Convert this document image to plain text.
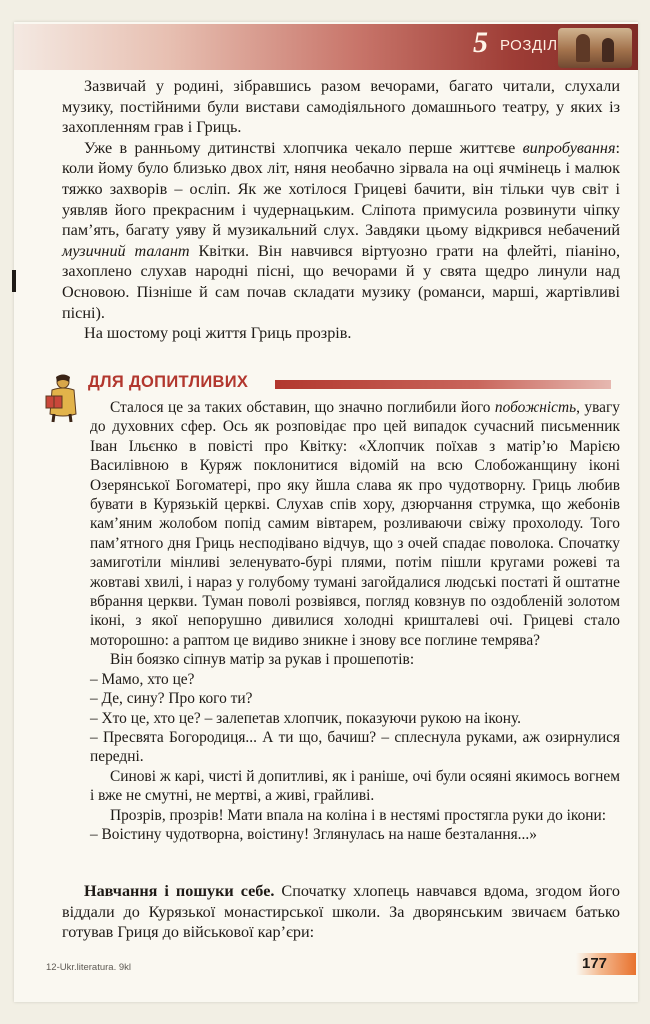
5 РОЗДІЛ

Зазвичай у родині, зібравшись разом вечорами, багато читали, слухали музику, постійними були вистави самодіяльного домашнього театру, у яких із захопленням грав і Гриць.

Уже в ранньому дитинстві хлопчика чекало перше життєве випробування: коли йому було близько двох літ, няня необачно зірвала на оці ячмінець і малюк тяжко захворів – осліп. Як же хотілося Грицеві бачити, він тільки чув світ і уявляв його прекрасним і чудернацьким. Сліпота примусила розвинути чіпку пам’ять, багату уяву й музикальний слух. Завдяки цьому відкрився небачений музичний талант Квітки. Він навчився віртуозно грати на флейті, піаніно, захоплено слухав народні пісні, що вечорами й у свята щедро линули над Основою. Пізніше й сам почав складати музику (романси, марші, жартівливі пісні).

На шостому році життя Гриць прозрів.

ДЛЯ ДОПИТЛИВИХ

Сталося це за таких обставин, що значно поглибили його побожність, увагу до духовних сфер. Ось як розповідає про цей випадок сучасний письменник Іван Ільєнко в повісті про Квітку: «Хлопчик поїхав з матір’ю Марією Василівною в Куряж поклонитися відомій на всю Слобожанщину іконі Озерянської Богоматері, про яку йшла слава як про чудотворну. Гриць любив бувати в Курязькій церкві. Слухав спів хору, дзюрчання струмка, що жебонів кам’яним жолобом попід самим вівтарем, розливаючи свіжу прохолоду. Того пам’ятного дня Гриць несподівано відчув, що з очей спадає поволока. Спочатку замиготіли мінливі зеленувато-бурі плями, потім пішли кругами рожеві та жовтаві хвилі, і нараз у голубому тумані загойдалися людські постаті й оштатне вбрання церкви. Туман поволі розвіявся, погляд ковзнув по оздобленій золотом іконі, з якої непорушно дивилися холодні кришталеві очі. Грицеві стало моторошно: а раптом це видиво зникне і знову все поглине темрява?

Він боязко сіпнув матір за рукав і прошепотів:

– Мамо, хто це?

– Де, сину? Про кого ти?

– Хто це, хто це? – залепетав хлопчик, показуючи рукою на ікону.

– Пресвята Богородиця... А ти що, бачиш? – сплеснула руками, аж озирнулися передні.

Синові ж карі, чисті й допитливі, як і раніше, очі були осяяні якимось вогнем і вже не смутні, не мертві, а живі, грайливі.

Прозрів, прозрів! Мати впала на коліна і в нестямі простягла руки до ікони:

– Воістину чудотворна, воістину! Зглянулась на наше безталання...»

Навчання і пошуки себе. Спочатку хлопець навчався вдома, згодом його віддали до Курязької монастирської школи. За дворянським звичаєм батько готував Гриця до військової кар’єри:

12-Ukr.literatura. 9kl	177
